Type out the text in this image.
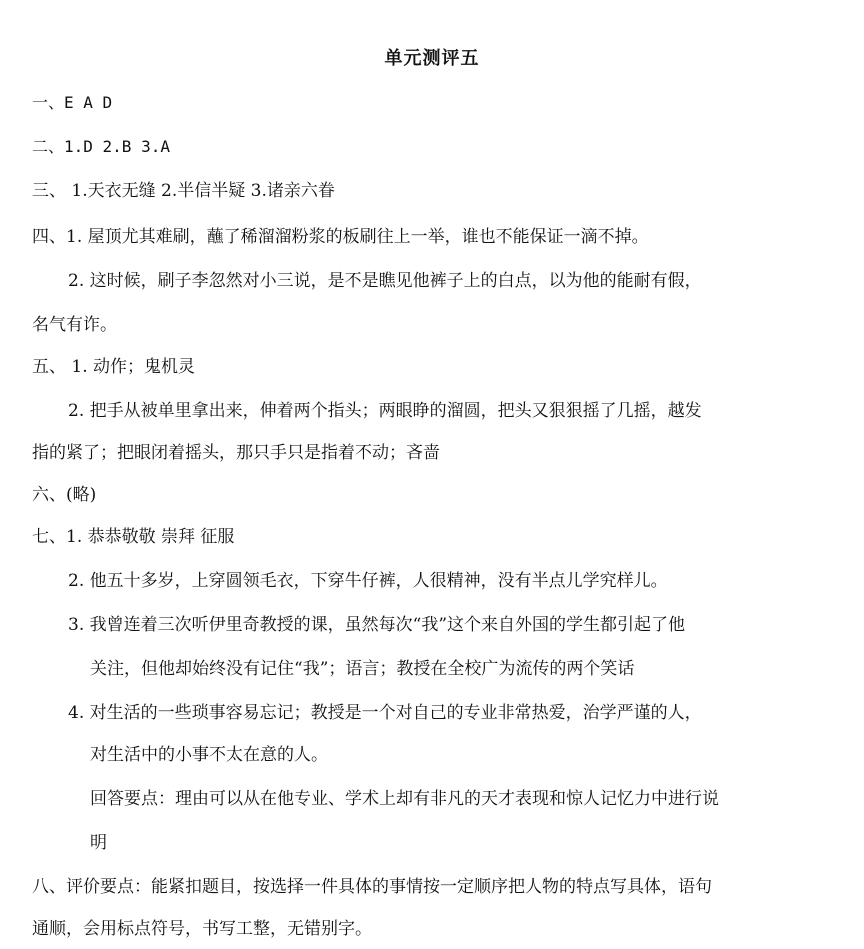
单元测评五
一、E A D
二、1.D 2.B 3.A
三、 1.天衣无缝 2.半信半疑 3.诸亲六眷
四、1. 屋顶尤其难刷，蘸了稀溜溜粉浆的板刷往上一举，谁也不能保证一滴不掉。
2. 这时候，刷子李忽然对小三说，是不是瞧见他裤子上的白点，以为他的能耐有假，
名气有诈。
五、 1. 动作；鬼机灵
2. 把手从被单里拿出来，伸着两个指头；两眼睁的溜圆，把头又狠狠摇了几摇，越发
指的紧了；把眼闭着摇头，那只手只是指着不动；吝啬
六、(略)
七、1. 恭恭敬敬 崇拜 征服
2. 他五十多岁，上穿圆领毛衣，下穿牛仔裤，人很精神，没有半点儿学究样儿。
3. 我曾连着三次听伊里奇教授的课，虽然每次“我”这个来自外国的学生都引起了他
关注，但他却始终没有记住“我”；语言；教授在全校广为流传的两个笑话
4. 对生活的一些琐事容易忘记；教授是一个对自己的专业非常热爱，治学严谨的人，
对生活中的小事不太在意的人。
回答要点：理由可以从在他专业、学术上却有非凡的天才表现和惊人记忆力中进行说
明
八、评价要点：能紧扣题目，按选择一件具体的事情按一定顺序把人物的特点写具体，语句
通顺，会用标点符号，书写工整，无错别字。
